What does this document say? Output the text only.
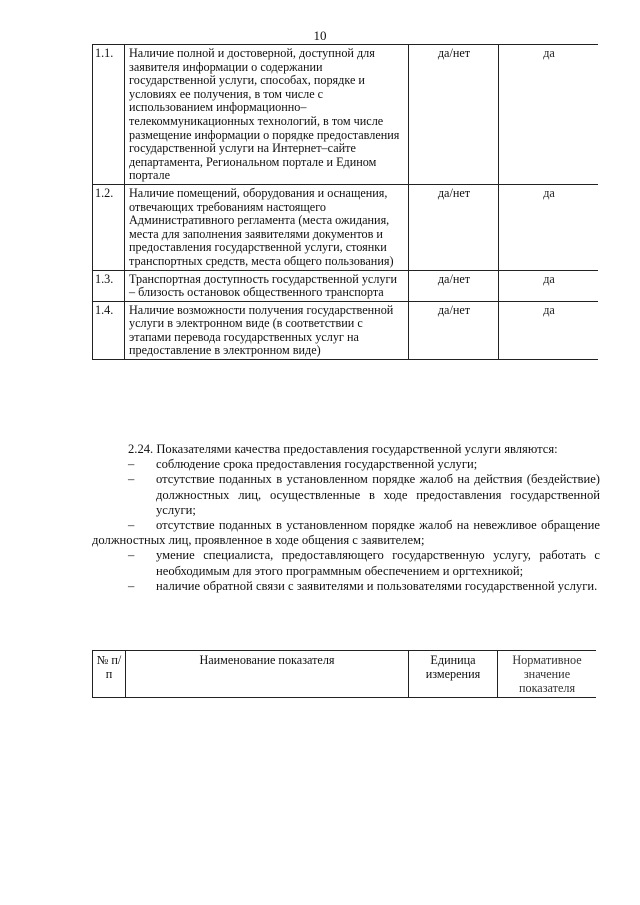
10
1.1.	Наличие полной и достоверной, доступной для заявителя информации о содержании государственной услуги, способах, порядке и условиях ее получения, в том числе с использованием информационно–телекоммуникационных технологий, в том числе размещение информации о порядке предоставления государственной услуги на Интернет–сайте департамента, Региональном портале и Едином портале	да/нет	да
1.2.	Наличие помещений, оборудования и оснащения, отвечающих требованиям настоящего Административного регламента (места ожидания, места для заполнения заявителями документов и предоставления государственной услуги, стоянки транспортных средств, места общего пользования)	да/нет	да
1.3.	Транспортная доступность государственной услуги – близость остановок общественного транспорта	да/нет	да
1.4.	Наличие возможности получения государственной услуги в электронном виде (в соответствии с этапами перевода государственных услуг на предоставление в электронном виде)	да/нет	да

2.24. Показателями качества предоставления государственной услуги являются:

–	соблюдение срока предоставления государственной услуги;
–	отсутствие поданных в установленном порядке жалоб на действия (бездействие) должностных лиц, осуществленные в ходе предоставления государственной услуги;
– отсутствие поданных в установленном порядке жалоб на невежливое обращение должностных лиц, проявленное в ходе общения с заявителем;
–	умение специалиста, предоставляющего государственную услугу, работать с необходимым для этого программным обеспечением и оргтехникой;
–	наличие обратной связи с заявителями и пользователями государственной услуги.
№ п/п	Наименование показателя	Единица измерения	Нормативное значение показателя
